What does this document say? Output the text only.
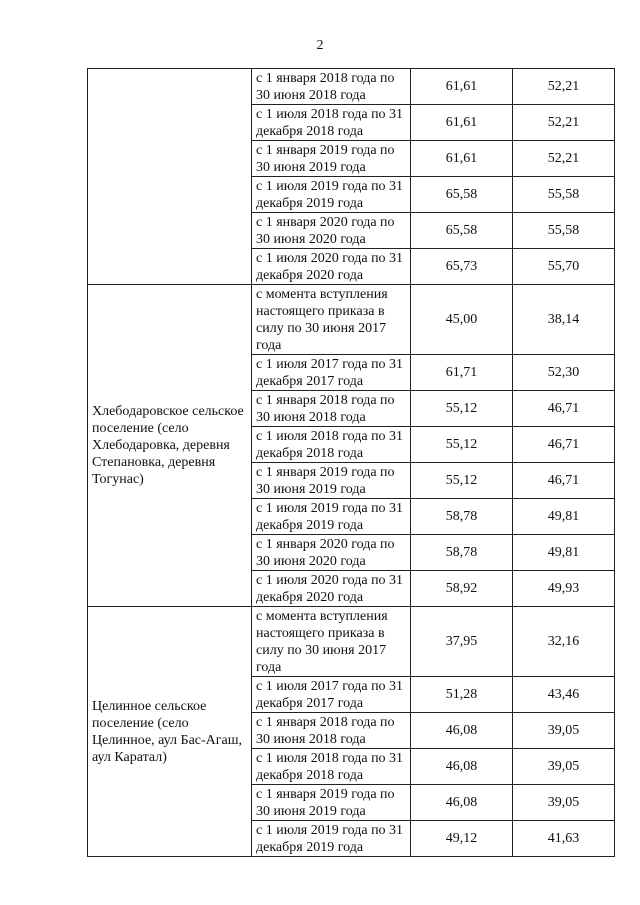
2
	с 1 января 2018 года по 30 июня 2018 года	61,61	52,21
	с 1 июля 2018 года по 31 декабря 2018 года	61,61	52,21
	с 1 января 2019 года по 30 июня 2019 года	61,61	52,21
	с 1 июля 2019 года по 31 декабря 2019 года	65,58	55,58
	с 1 января 2020 года по 30 июня 2020 года	65,58	55,58
	с 1 июля 2020 года по 31 декабря 2020 года	65,73	55,70
Хлебодаровское сельское поселение (село Хлебодаровка, деревня Степановка, деревня Тогунас)	с момента вступления настоящего приказа в силу по 30 июня 2017 года	45,00	38,14
	с 1 июля 2017 года по 31 декабря 2017 года	61,71	52,30
	с 1 января 2018 года по 30 июня 2018 года	55,12	46,71
	с 1 июля 2018 года по 31 декабря 2018 года	55,12	46,71
	с 1 января 2019 года по 30 июня 2019 года	55,12	46,71
	с 1 июля 2019 года по 31 декабря 2019 года	58,78	49,81
	с 1 января 2020 года по 30 июня 2020 года	58,78	49,81
	с 1 июля 2020 года по 31 декабря 2020 года	58,92	49,93
Целинное сельское поселение (село Целинное, аул Бас-Агаш, аул Каратал)	с момента вступления настоящего приказа в силу по 30 июня 2017 года	37,95	32,16
	с 1 июля 2017 года по 31 декабря 2017 года	51,28	43,46
	с 1 января 2018 года по 30 июня 2018 года	46,08	39,05
	с 1 июля 2018 года по 31 декабря 2018 года	46,08	39,05
	с 1 января 2019 года по 30 июня 2019 года	46,08	39,05
	с 1 июля 2019 года по 31 декабря 2019 года	49,12	41,63
